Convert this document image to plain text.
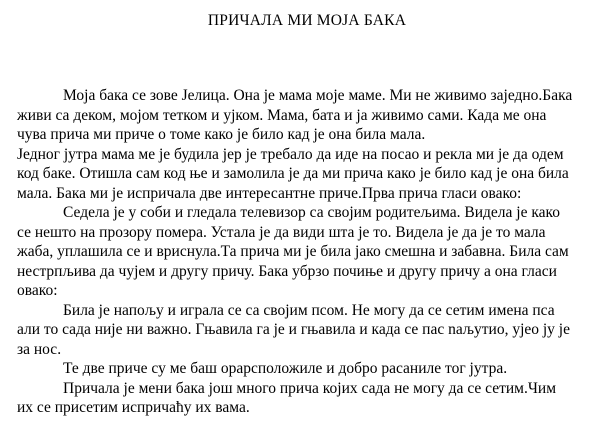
ПРИЧАЛА МИ МОЈА БАКА
Моја бака се зове Јелица. Она је мама моје маме. Ми не живимо заједно.Бака
живи са деком, мојом тетком и ујком. Мама, бата и ја живимо сами. Када ме она
чува прича ми приче о томе како је било кад је она била мала.
Једног јутра мама ме је будила јер је требало да иде на посао и рекла ми је да одем
код баке. Отишла сам код ње и замолила је да ми прича како је било кад је она била
мала. Бака ми је испричала две интересантне приче.Прва прича гласи овако:
Седела је у соби и гледала телевизор са својим родитељима. Видела је како
се нешто на прозору помера. Устала је да види шта је то. Видела је да је то мала
жаба, уплашила се и вриснула.Та прича ми је била јако смешна и забавна. Била сам
нестрпљива да чујем и другу причу. Бака убрзо почиње и другу причу а она гласи
овако:
Била је напољу и играла се са својим псом. Не могу да се сетим имена пса
али то сада није ни важно. Гњавила га је и гњавила и када се пас naљутио, ујео ју је
за нос.
Те две приче су ме баш орарсположиле и добро расаниле тог јутра.
Причала је мени бака још много прича којих сада не могу да се сетим.Чим
их се присетим испричаћу их вама.
